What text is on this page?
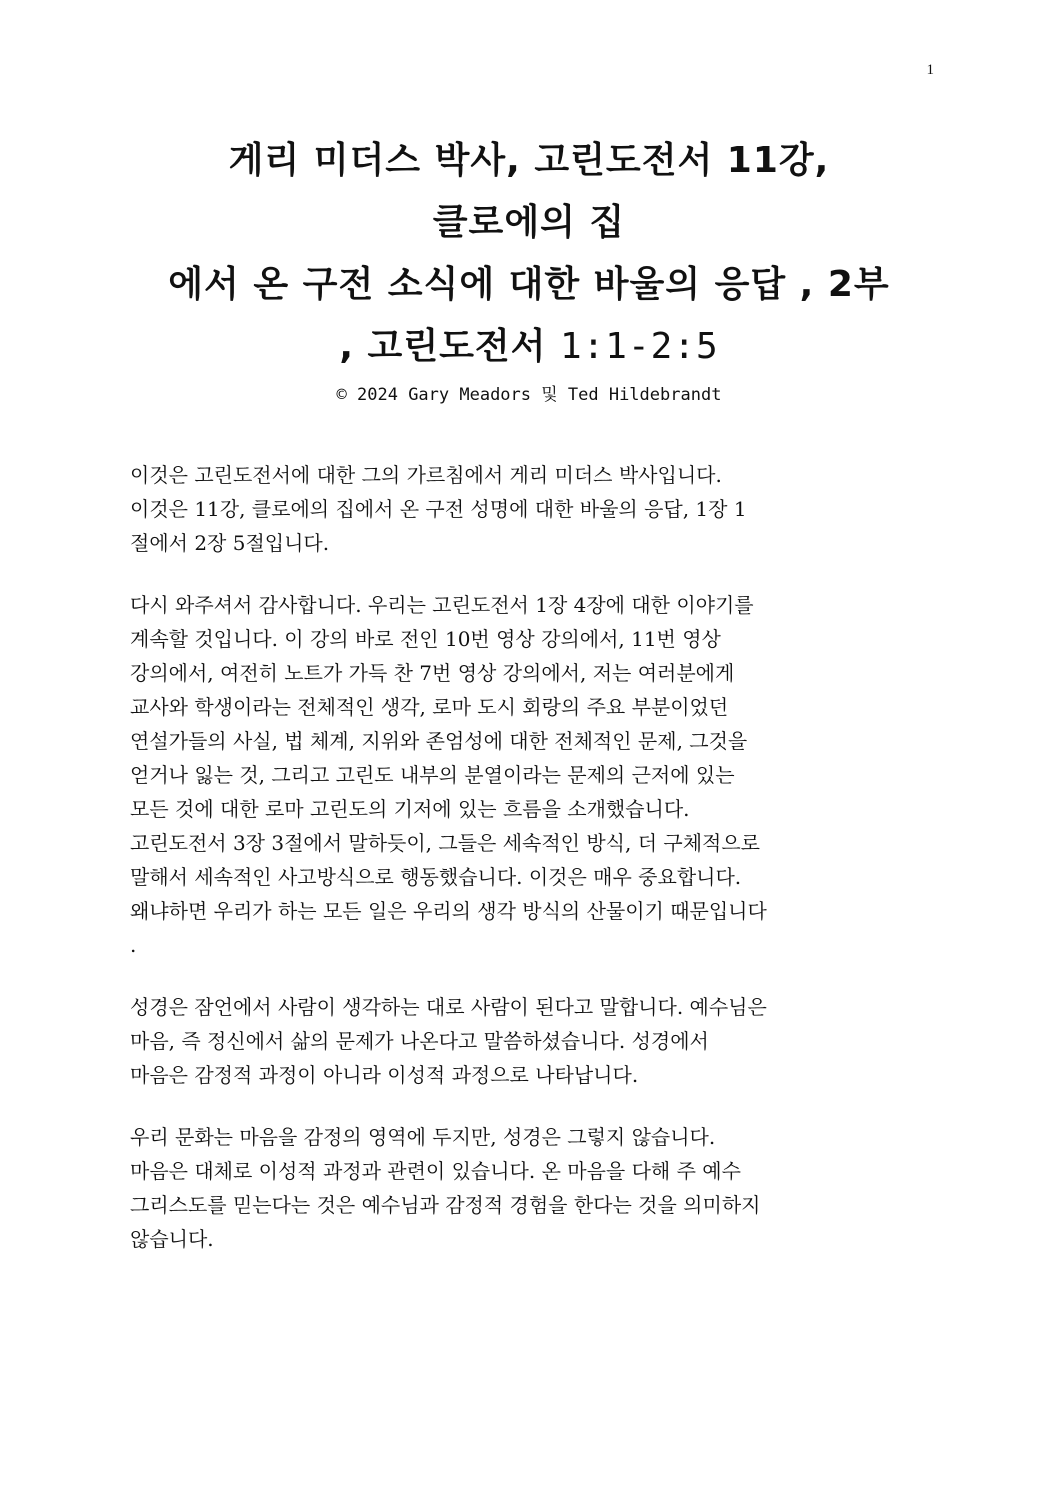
1
게리 미더스 박사, 고린도전서 11강,
클로에의 집
에서 온 구전 소식에 대한 바울의 응답 , 2부
, 고린도전서 1:1-2:5
© 2024 Gary Meadors 및 Ted Hildebrandt
이것은 고린도전서에 대한 그의 가르침에서 게리 미더스 박사입니다.
이것은 11강, 클로에의 집에서 온 구전 성명에 대한 바울의 응답, 1장 1
절에서 2장 5절입니다.
다시 와주셔서 감사합니다. 우리는 고린도전서 1장 4장에 대한 이야기를
계속할 것입니다. 이 강의 바로 전인 10번 영상 강의에서, 11번 영상
강의에서, 여전히 노트가 가득 찬 7번 영상 강의에서, 저는 여러분에게
교사와 학생이라는 전체적인 생각, 로마 도시 회랑의 주요 부분이었던
연설가들의 사실, 법 체계, 지위와 존엄성에 대한 전체적인 문제, 그것을
얻거나 잃는 것, 그리고 고린도 내부의 분열이라는 문제의 근저에 있는
모든 것에 대한 로마 고린도의 기저에 있는 흐름을 소개했습니다.
고린도전서 3장 3절에서 말하듯이, 그들은 세속적인 방식, 더 구체적으로
말해서 세속적인 사고방식으로 행동했습니다. 이것은 매우 중요합니다.
왜냐하면 우리가 하는 모든 일은 우리의 생각 방식의 산물이기 때문입니다
.
성경은 잠언에서 사람이 생각하는 대로 사람이 된다고 말합니다. 예수님은
마음, 즉 정신에서 삶의 문제가 나온다고 말씀하셨습니다. 성경에서
마음은 감정적 과정이 아니라 이성적 과정으로 나타납니다.
우리 문화는 마음을 감정의 영역에 두지만, 성경은 그렇지 않습니다.
마음은 대체로 이성적 과정과 관련이 있습니다. 온 마음을 다해 주 예수
그리스도를 믿는다는 것은 예수님과 감정적 경험을 한다는 것을 의미하지
않습니다.
